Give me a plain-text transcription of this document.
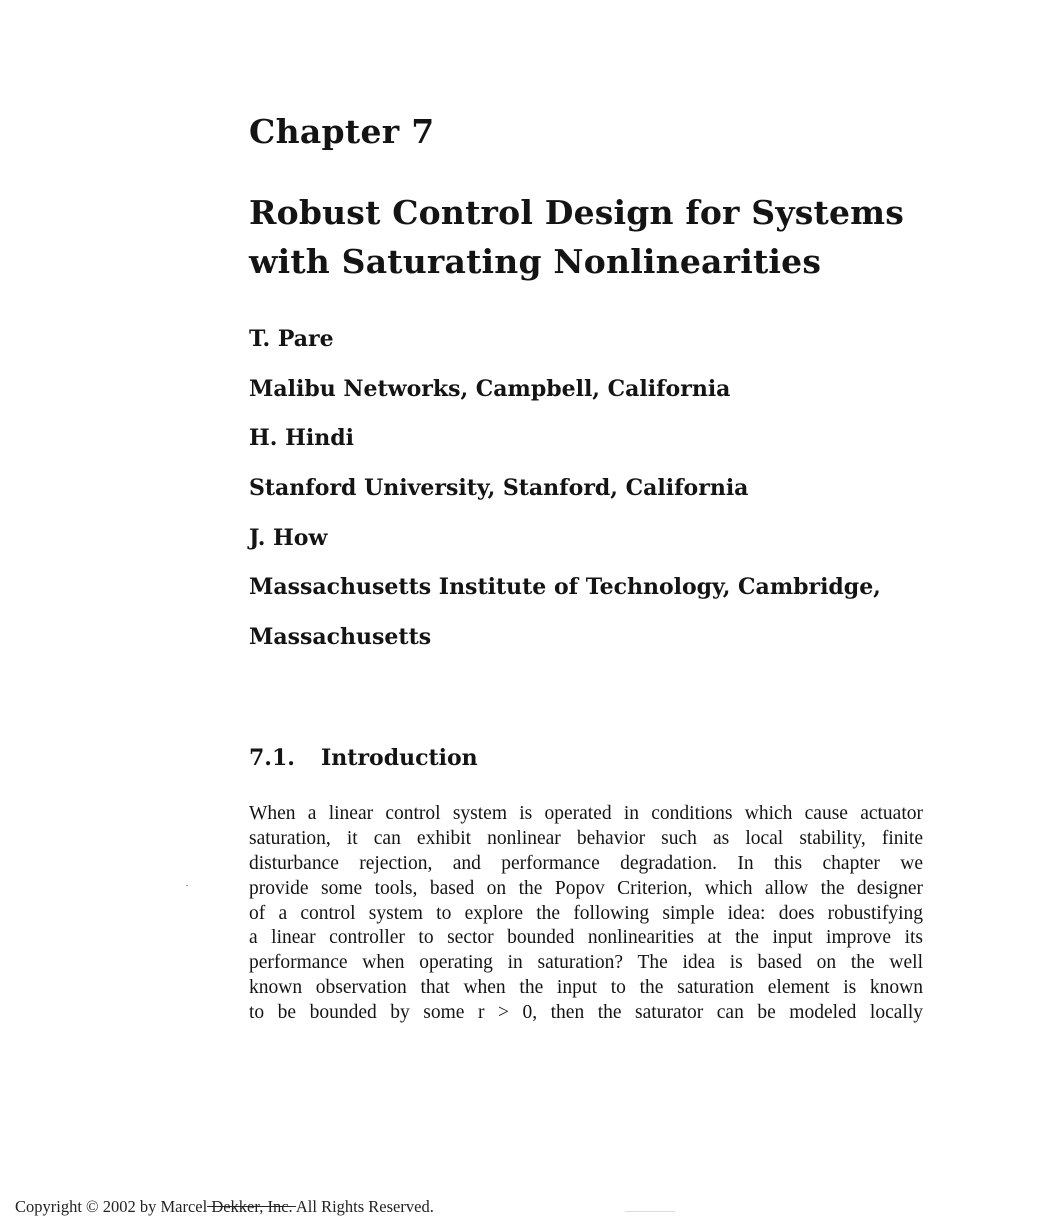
Chapter 7
Robust Control Design for Systems
with Saturating Nonlinearities
T. Pare
Malibu Networks, Campbell, California
H. Hindi
Stanford University, Stanford, California
J. How
Massachusetts Institute of Technology, Cambridge,
Massachusetts
7.1. Introduction
When a linear control system is operated in conditions which cause actuator
saturation, it can exhibit nonlinear behavior such as local stability, finite
disturbance rejection, and performance degradation. In this chapter we
provide some tools, based on the Popov Criterion, which allow the designer
of a control system to explore the following simple idea: does robustifying
a linear controller to sector bounded nonlinearities at the input improve its
performance when operating in saturation? The idea is based on the well
known observation that when the input to the saturation element is known
to be bounded by some r > 0, then the saturator can be modeled locally
Copyright © 2002 by Marcel Dekker, Inc. All Rights Reserved.
